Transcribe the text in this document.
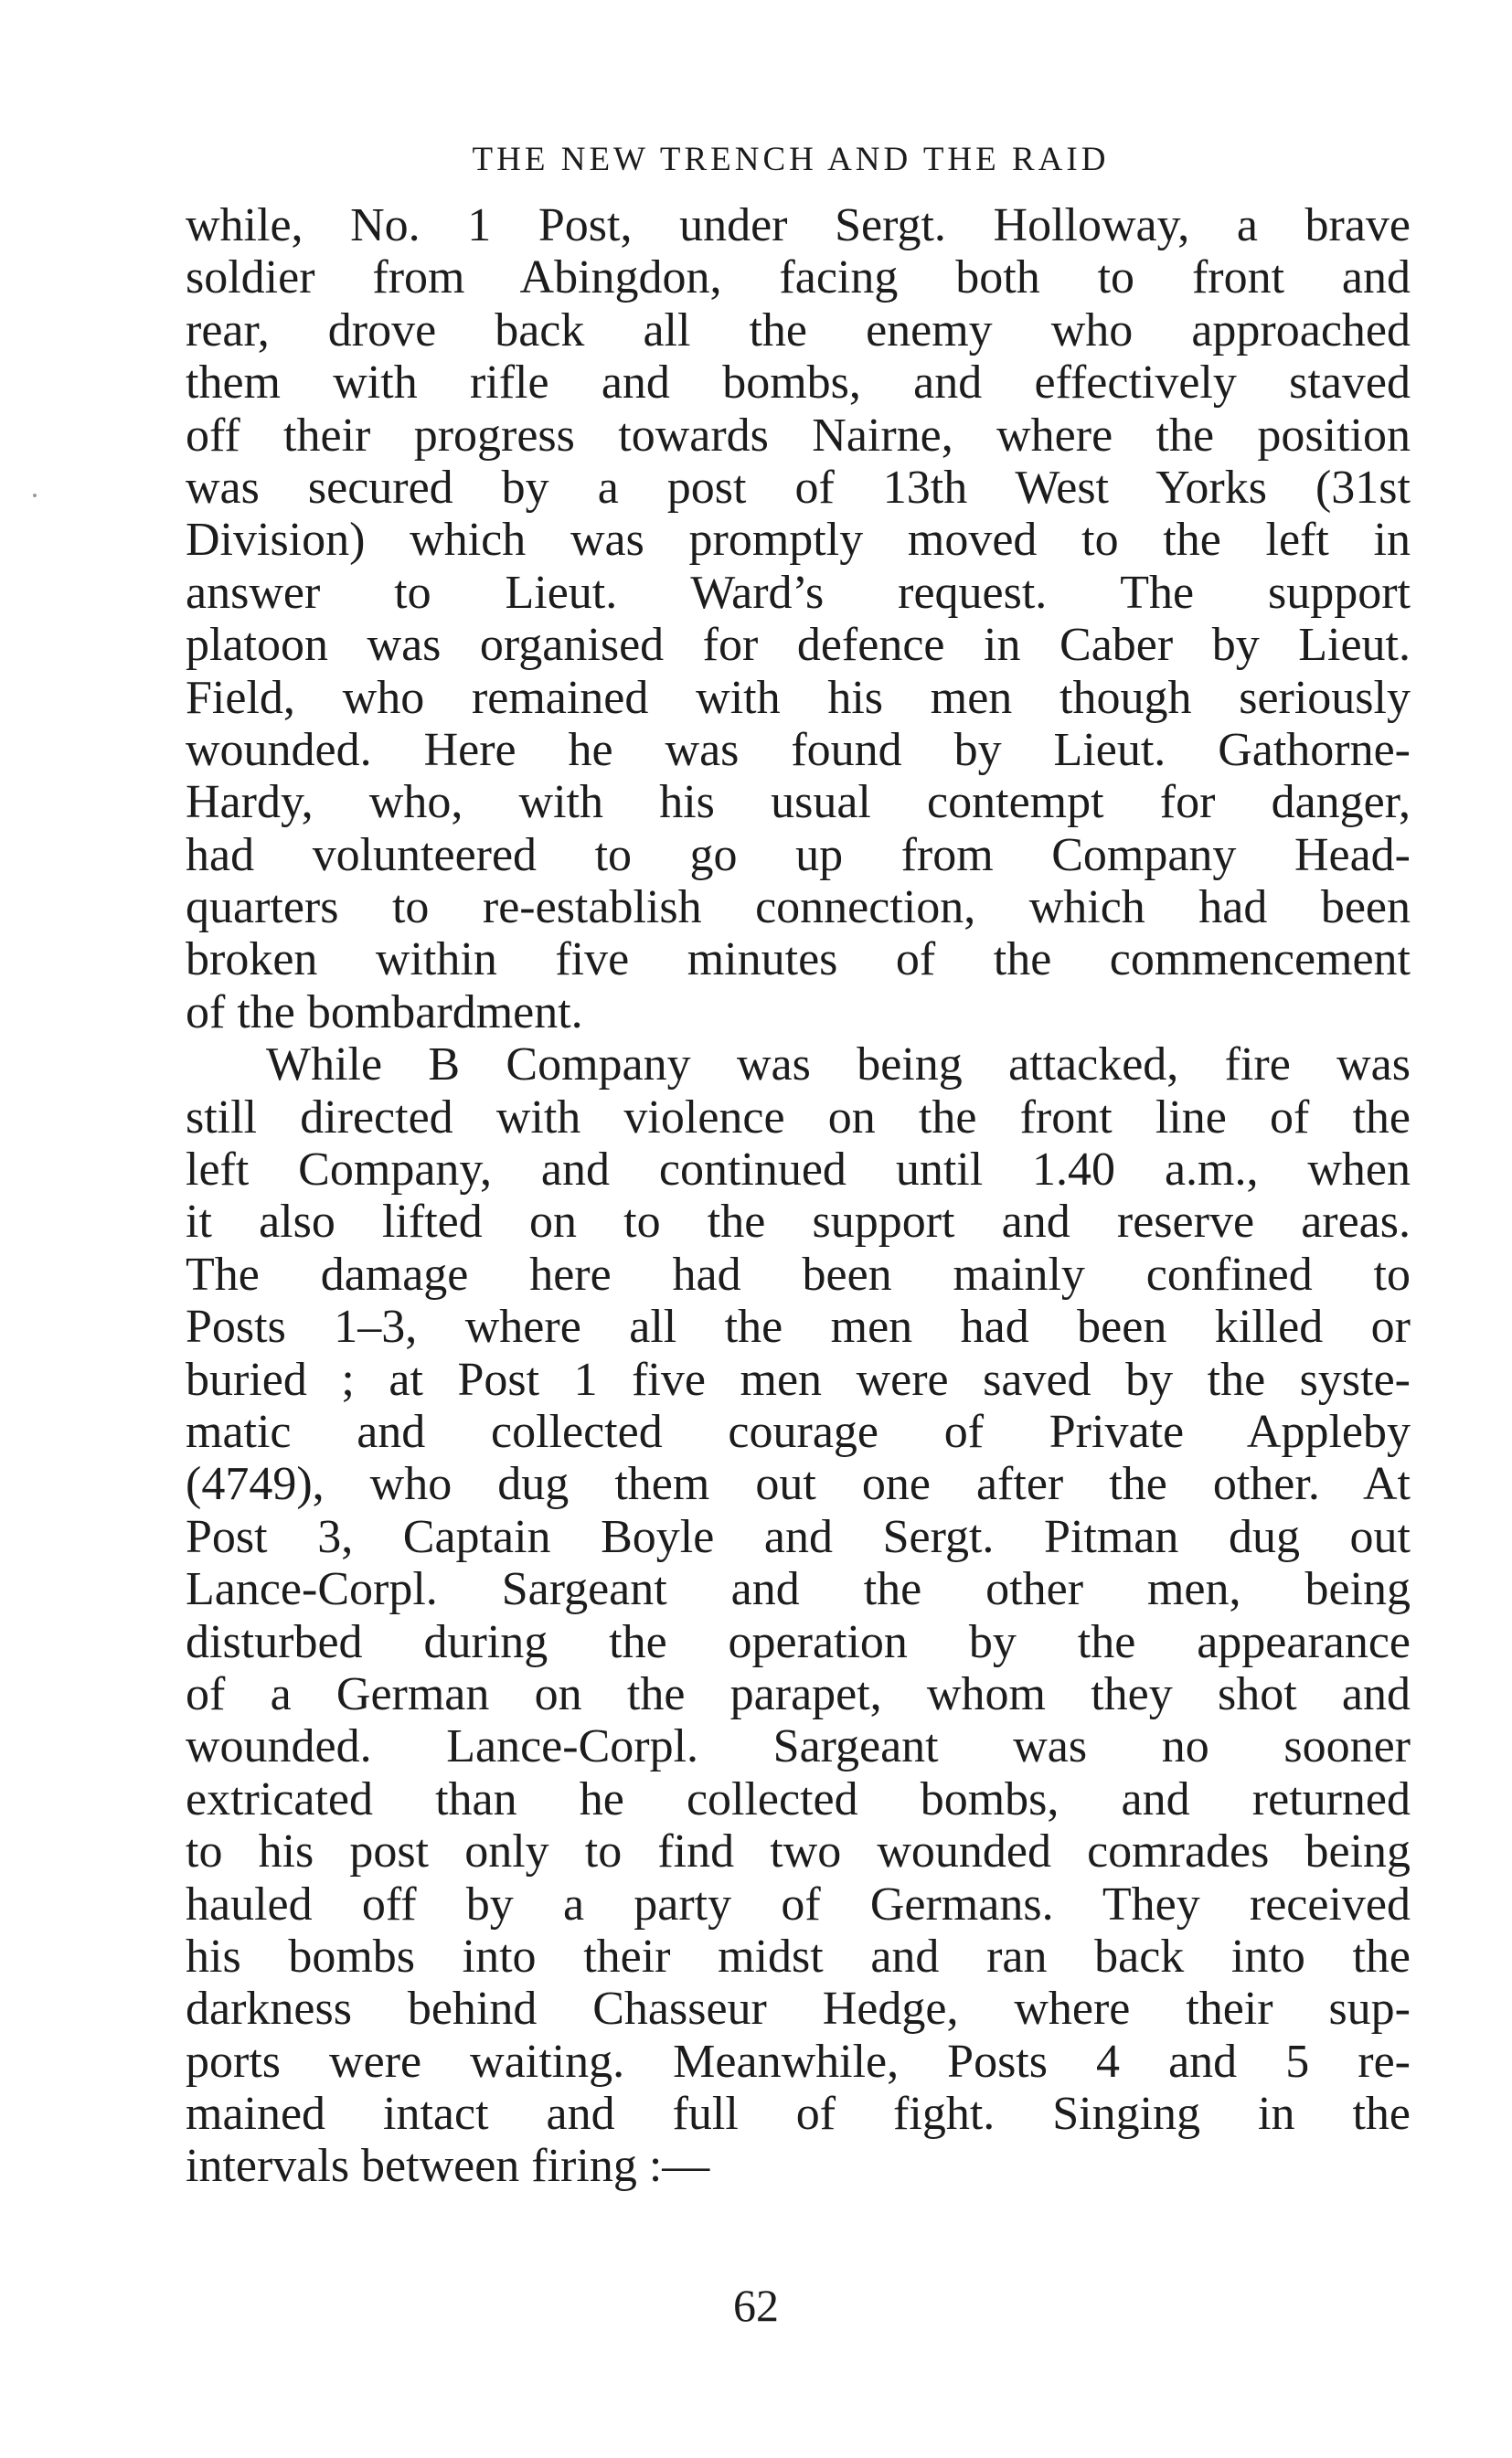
THE NEW TRENCH AND THE RAID
while, No. 1 Post, under Sergt. Holloway, a brave
soldier from Abingdon, facing both to front and
rear, drove back all the enemy who approached
them with rifle and bombs, and effectively staved
off their progress towards Nairne, where the position
was secured by a post of 13th West Yorks (31st
Division) which was promptly moved to the left in
answer to Lieut. Ward’s request. The support
platoon was organised for defence in Caber by Lieut.
Field, who remained with his men though seriously
wounded. Here he was found by Lieut. Gathorne-
Hardy, who, with his usual contempt for danger,
had volunteered to go up from Company Head-
quarters to re-establish connection, which had been
broken within five minutes of the commencement
of the bombardment.
While B Company was being attacked, fire was
still directed with violence on the front line of the
left Company, and continued until 1.40 a.m., when
it also lifted on to the support and reserve areas.
The damage here had been mainly confined to
Posts 1–3, where all the men had been killed or
buried ; at Post 1 five men were saved by the syste-
matic and collected courage of Private Appleby
(4749), who dug them out one after the other. At
Post 3, Captain Boyle and Sergt. Pitman dug out
Lance-Corpl. Sargeant and the other men, being
disturbed during the operation by the appearance
of a German on the parapet, whom they shot and
wounded. Lance-Corpl. Sargeant was no sooner
extricated than he collected bombs, and returned
to his post only to find two wounded comrades being
hauled off by a party of Germans. They received
his bombs into their midst and ran back into the
darkness behind Chasseur Hedge, where their sup-
ports were waiting. Meanwhile, Posts 4 and 5 re-
mained intact and full of fight. Singing in the
intervals between firing :—
62
